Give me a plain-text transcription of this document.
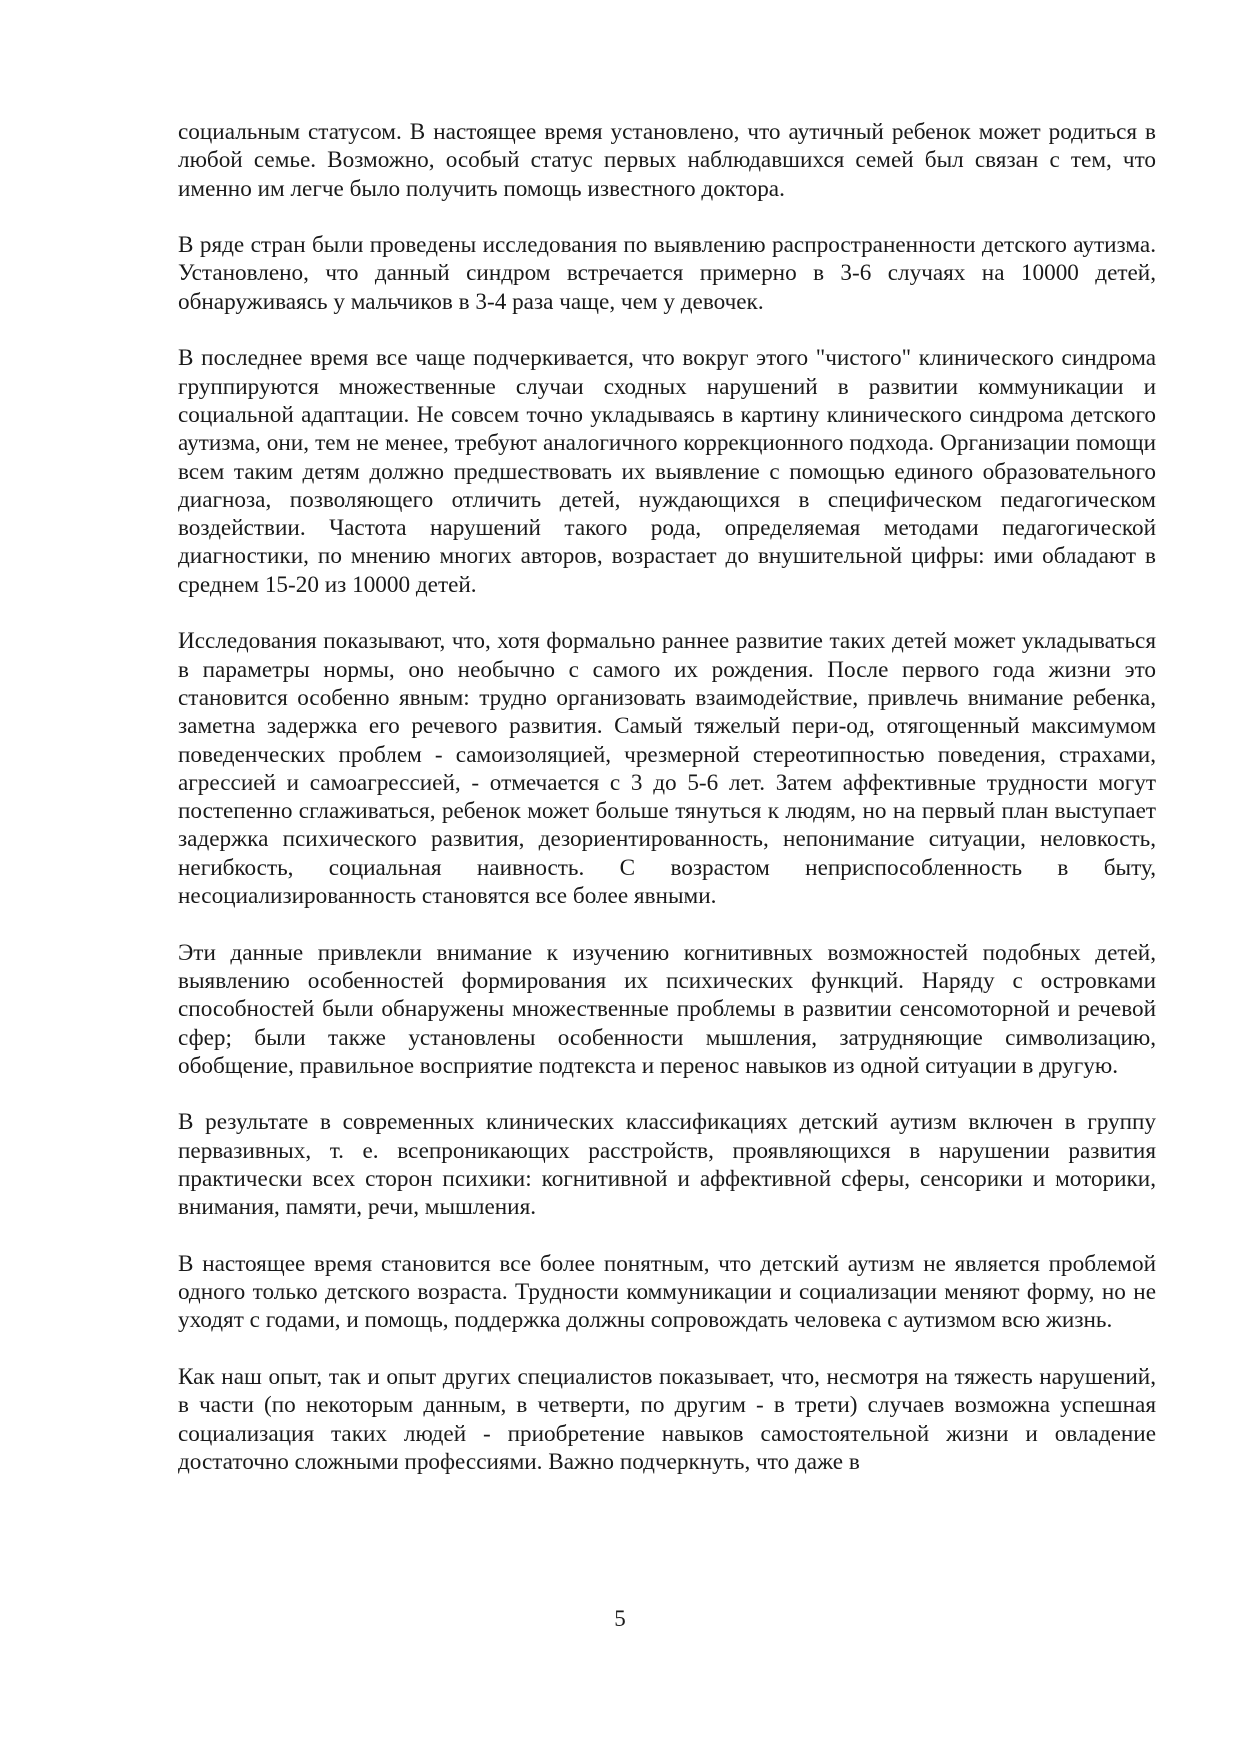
социальным статусом. В настоящее время установлено, что аутичный ребенок может родиться в любой семье. Возможно, особый статус первых наблюдавшихся семей был связан с тем, что именно им легче было получить помощь известного доктора.

В ряде стран были проведены исследования по выявлению распространенности детского аутизма. Установлено, что данный синдром встречается примерно в 3-6 случаях на 10000 детей, обнаруживаясь у мальчиков в 3-4 раза чаще, чем у девочек.

В последнее время все чаще подчеркивается, что вокруг этого "чистого" клинического синдрома группируются множественные случаи сходных нарушений в развитии коммуникации и социальной адаптации. Не совсем точно укладываясь в картину клинического синдрома детского аутизма, они, тем не менее, требуют аналогичного коррекционного подхода. Организации помощи всем таким детям должно предшествовать их выявление с помощью единого образовательного диагноза, позволяющего отличить детей, нуждающихся в специфическом педагогическом воздействии. Частота нарушений такого рода, определяемая методами педагогической диагностики, по мнению многих авторов, возрастает до внушительной цифры: ими обладают в среднем 15-20 из 10000 детей.

Исследования показывают, что, хотя формально раннее развитие таких детей может укладываться в параметры нормы, оно необычно с самого их рождения. После первого года жизни это становится особенно явным: трудно организовать взаимодействие, привлечь внимание ребенка, заметна задержка его речевого развития. Самый тяжелый пери-од, отягощенный максимумом поведенческих проблем - самоизоляцией, чрезмерной стереотипностью поведения, страхами, агрессией и самоагрессией, - отмечается с 3 до 5-6 лет. Затем аффективные трудности могут постепенно сглаживаться, ребенок может больше тянуться к людям, но на первый план выступает задержка психического развития, дезориентированность, непонимание ситуации, неловкость, негибкость, социальная наивность. С возрастом неприспособленность в быту, несоциализированность становятся все более явными.

Эти данные привлекли внимание к изучению когнитивных возможностей подобных детей, выявлению особенностей формирования их психических функций. Наряду с островками способностей были обнаружены множественные проблемы в развитии сенсомоторной и речевой сфер; были также установлены особенности мышления, затрудняющие символизацию, обобщение, правильное восприятие подтекста и перенос навыков из одной ситуации в другую.

В результате в современных клинических классификациях детский аутизм включен в группу первазивных, т. е. всепроникающих расстройств, проявляющихся в нарушении развития практически всех сторон психики: когнитивной и аффективной сферы, сенсорики и моторики, внимания, памяти, речи, мышления.

В настоящее время становится все более понятным, что детский аутизм не является проблемой одного только детского возраста. Трудности коммуникации и социализации меняют форму, но не уходят с годами, и помощь, поддержка должны сопровождать человека с аутизмом всю жизнь.

Как наш опыт, так и опыт других специалистов показывает, что, несмотря на тяжесть нарушений, в части (по некоторым данным, в четверти, по другим - в трети) случаев возможна успешная социализация таких людей - приобретение навыков самостоятельной жизни и овладение достаточно сложными профессиями. Важно подчеркнуть, что даже в

5
